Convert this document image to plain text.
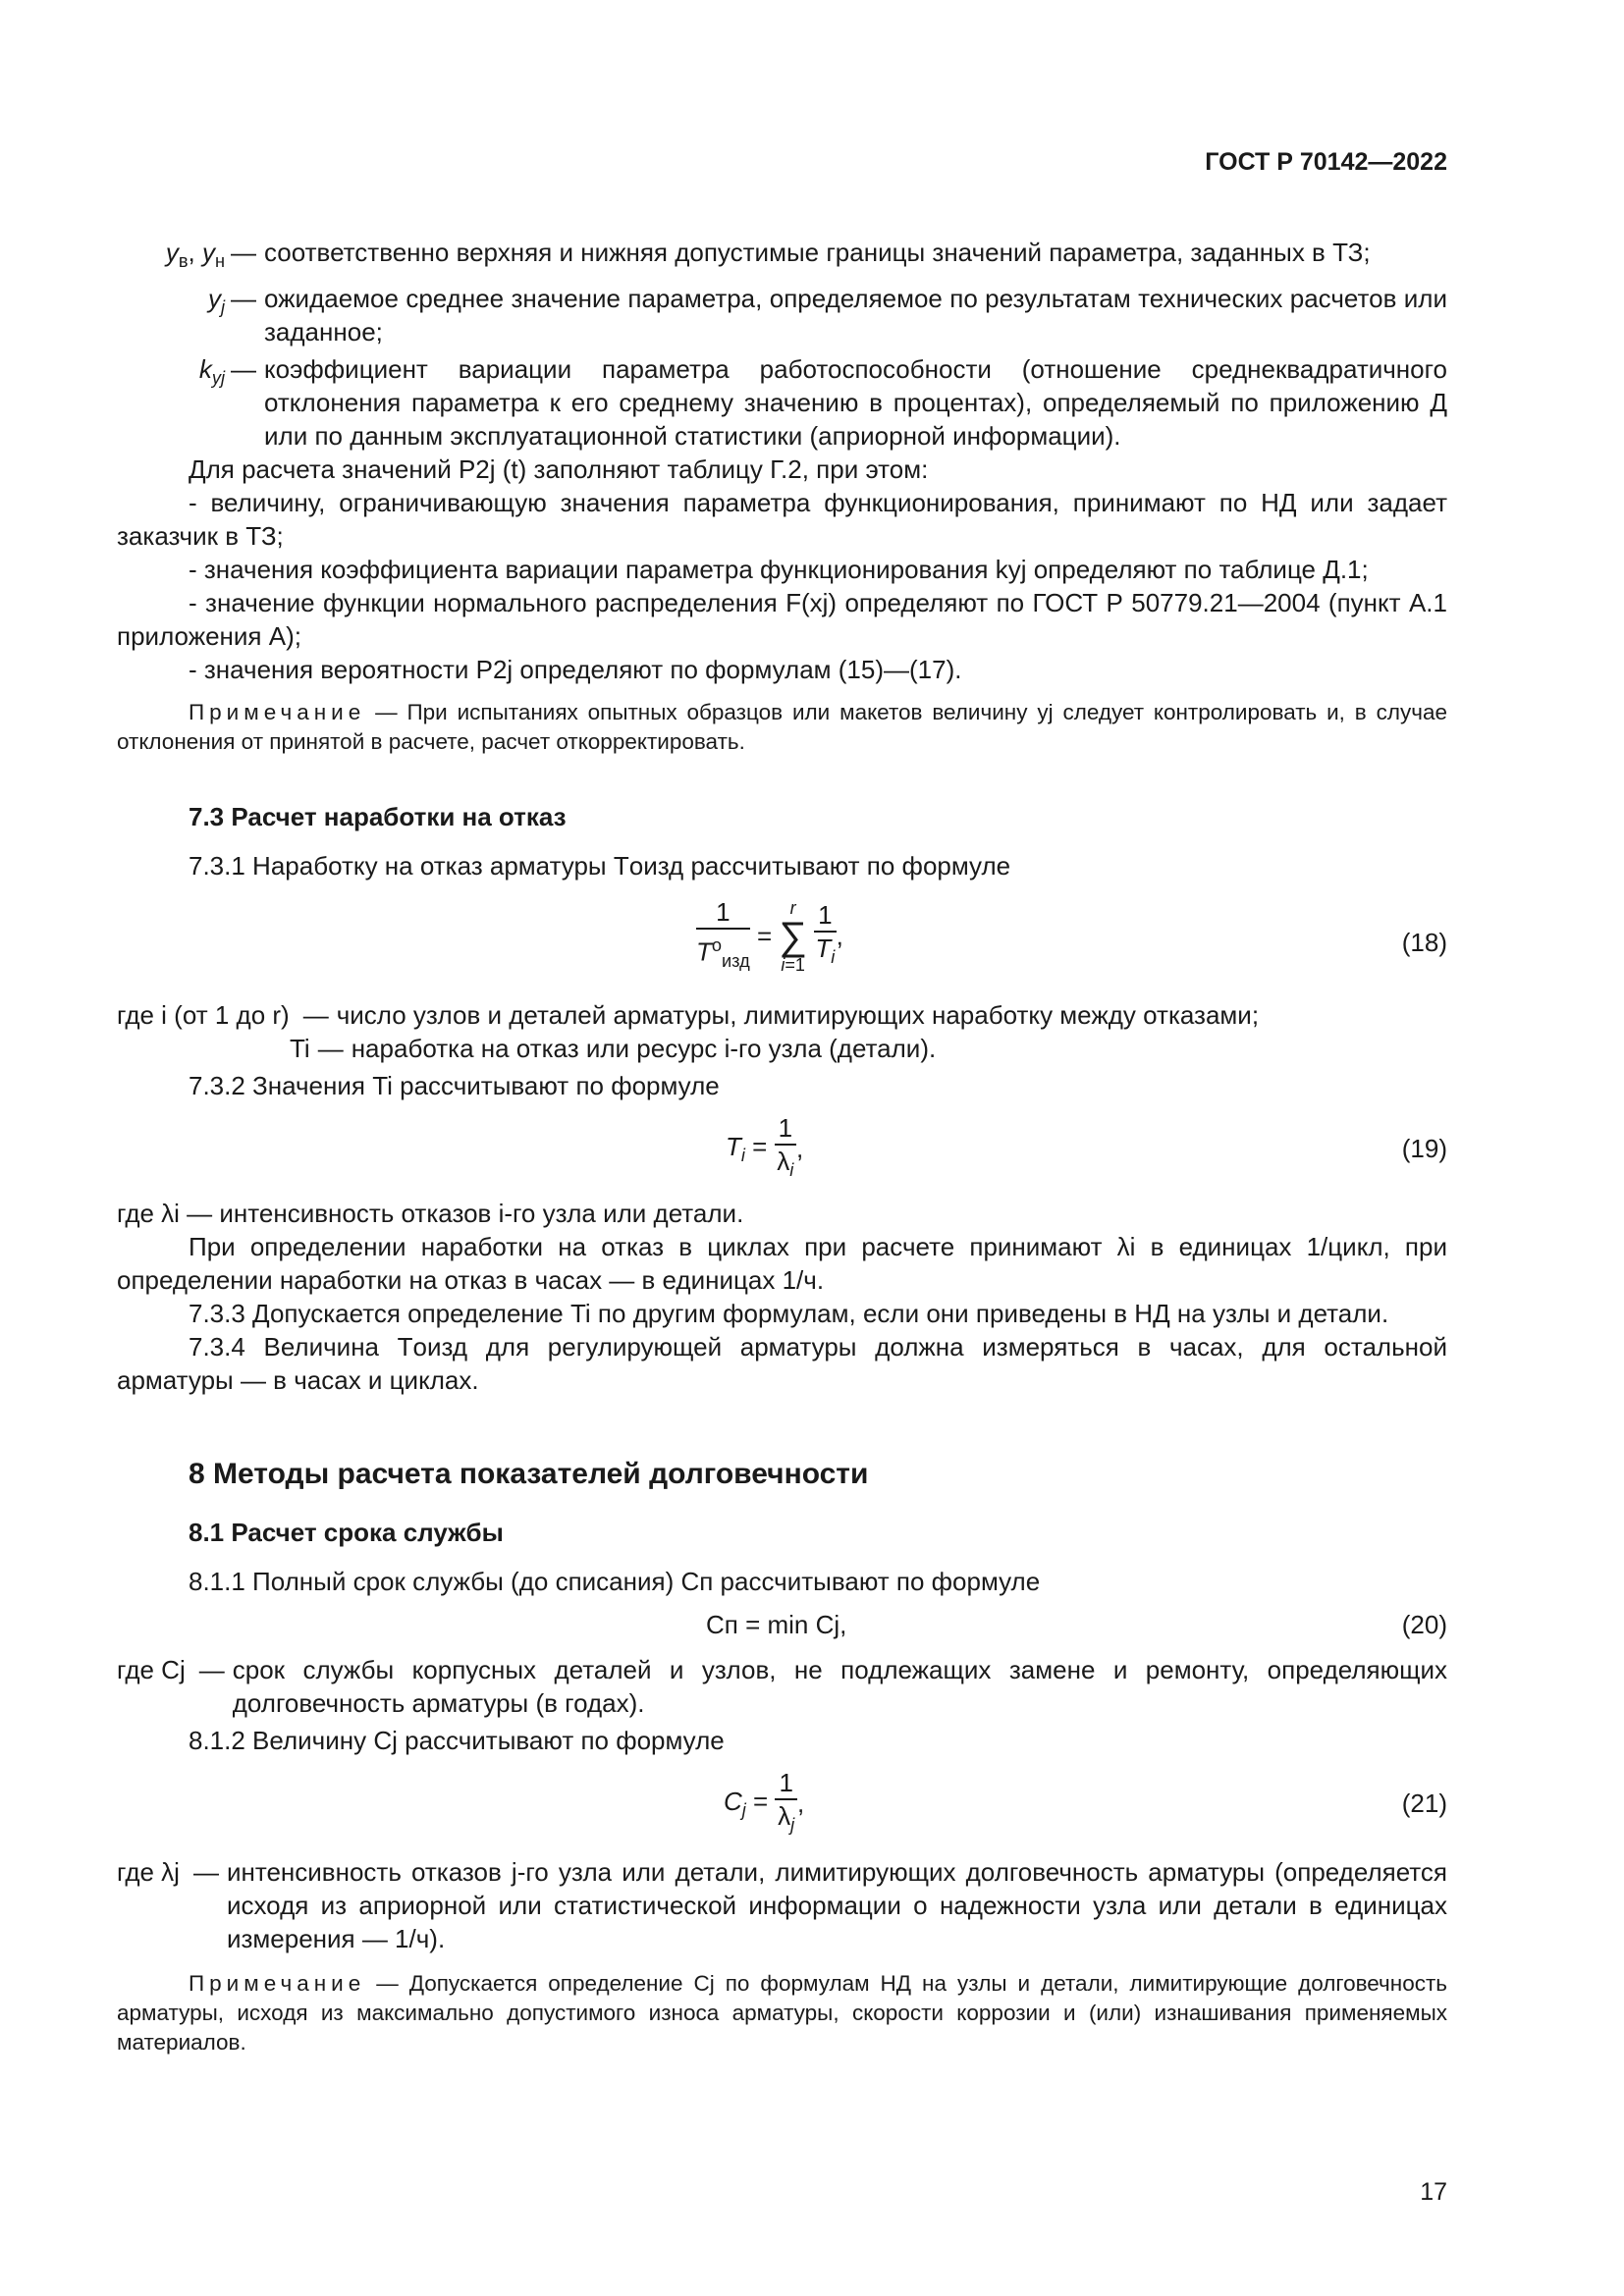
ГОСТ Р 70142—2022
$y_в$, $y_н$ — соответственно верхняя и нижняя допустимые границы значений параметра, заданных в ТЗ;
$y_j$ — ожидаемое среднее значение параметра, определяемое по результатам технических расчетов или заданное;
$k_{yj}$ — коэффициент вариации параметра работоспособности (отношение среднеквадратичного отклонения параметра к его среднему значению в процентах), определяемый по приложению Д или по данным эксплуатационной статистики (априорной информации).

Для расчета значений P2j (t) заполняют таблицу Г.2, при этом:

- величину, ограничивающую значения параметра функционирования, принимают по НД или задает заказчик в ТЗ;

- значения коэффициента вариации параметра функционирования kyj определяют по таблице Д.1;

- значение функции нормального распределения F(xj) определяют по ГОСТ Р 50779.21—2004 (пункт А.1 приложения А);

- значения вероятности P2j определяют по формулам (15)—(17).

Примечание — При испытаниях опытных образцов или макетов величину yj следует контролировать и, в случае отклонения от принятой в расчете, расчет откорректировать.

7.3 Расчет наработки на отказ

7.3.1 Наработку на отказ арматуры Tоизд рассчитывают по формуле

$\frac{1}{T^o_{изд}}$ =
r
∑
i=1
$\frac{1}{T_i}$ ,	(18)
где i (от 1 до r) — число узлов и деталей арматуры, лимитирующих наработку между отказами;
Ti — наработка на отказ или ресурс i-го узла (детали).

7.3.2 Значения Ti рассчитывают по формуле

$T_i = \frac{1}{\lambda_i}$ ,	(19)

где λi — интенсивность отказов i-го узла или детали.

При определении наработки на отказ в циклах при расчете принимают λi в единицах 1/цикл, при определении наработки на отказ в часах — в единицах 1/ч.

7.3.3 Допускается определение Ti по другим формулам, если они приведены в НД на узлы и детали.

7.3.4 Величина Tоизд для регулирующей арматуры должна измеряться в часах, для остальной арматуры — в часах и циклах.

8 Методы расчета показателей долговечности
8.1 Расчет срока службы

8.1.1 Полный срок службы (до списания) Cп рассчитывают по формуле

Cп = min Cj,	(20)
где Cj — срок службы корпусных деталей и узлов, не подлежащих замене и ремонту, определяющих долговечность арматуры (в годах).

8.1.2 Величину Cj рассчитывают по формуле

$C_j = \frac{1}{\lambda_j}$ ,	(21)
где λj — интенсивность отказов j-го узла или детали, лимитирующих долговечность арматуры (определяется исходя из априорной или статистической информации о надежности узла или детали в единицах измерения — 1/ч).

Примечание — Допускается определение Cj по формулам НД на узлы и детали, лимитирующие долговечность арматуры, исходя из максимально допустимого износа арматуры, скорости коррозии и (или) изнашивания применяемых материалов.

17
